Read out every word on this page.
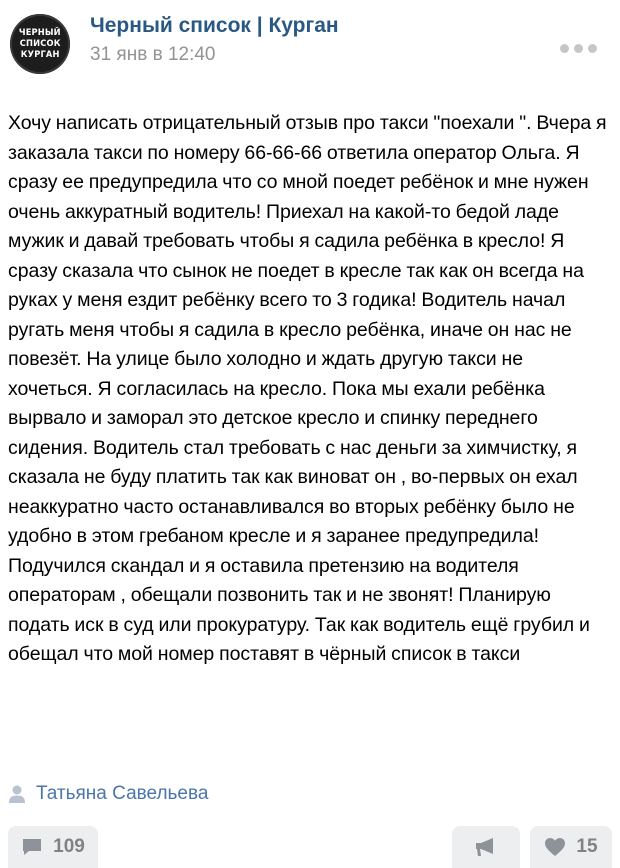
ЧЕРНЫЙ
СПИСОК
КУРГАН
Черный список | Курган
31 янв в 12:40
Хочу написать отрицательный отзыв про такси "поехали ". Вчера я заказала такси по номеру 66-66-66 ответила оператор Ольга. Я сразу ее предупредила что со мной поедет ребёнок и мне нужен очень аккуратный водитель! Приехал на какой-то бедой ладе мужик и давай требовать чтобы я садила ребёнка в кресло! Я сразу сказала что сынок не поедет в кресле так как он всегда на руках у меня ездит ребёнку всего то 3 годика! Водитель начал ругать меня чтобы я садила в кресло ребёнка, иначе он нас не повезёт. На улице было холодно и ждать другую такси не хочеться. Я согласилась на кресло. Пока мы ехали ребёнка вырвало и заморал это детское кресло и спинку переднего сидения. Водитель стал требовать с нас деньги за химчистку, я сказала не буду платить так как виноват он , во-первых он ехал неаккуратно часто останавливался во вторых ребёнку было не удобно в этом гребаном кресле и я заранее предупредила! Подучился скандал и я оставила претензию на водителя операторам , обещали позвонить так и не звонят! Планирую подать иск в суд или прокуратуру. Так как водитель ещё грубил и обещал что мой номер поставят в чёрный список в такси
Татьяна Савельева
109	15
